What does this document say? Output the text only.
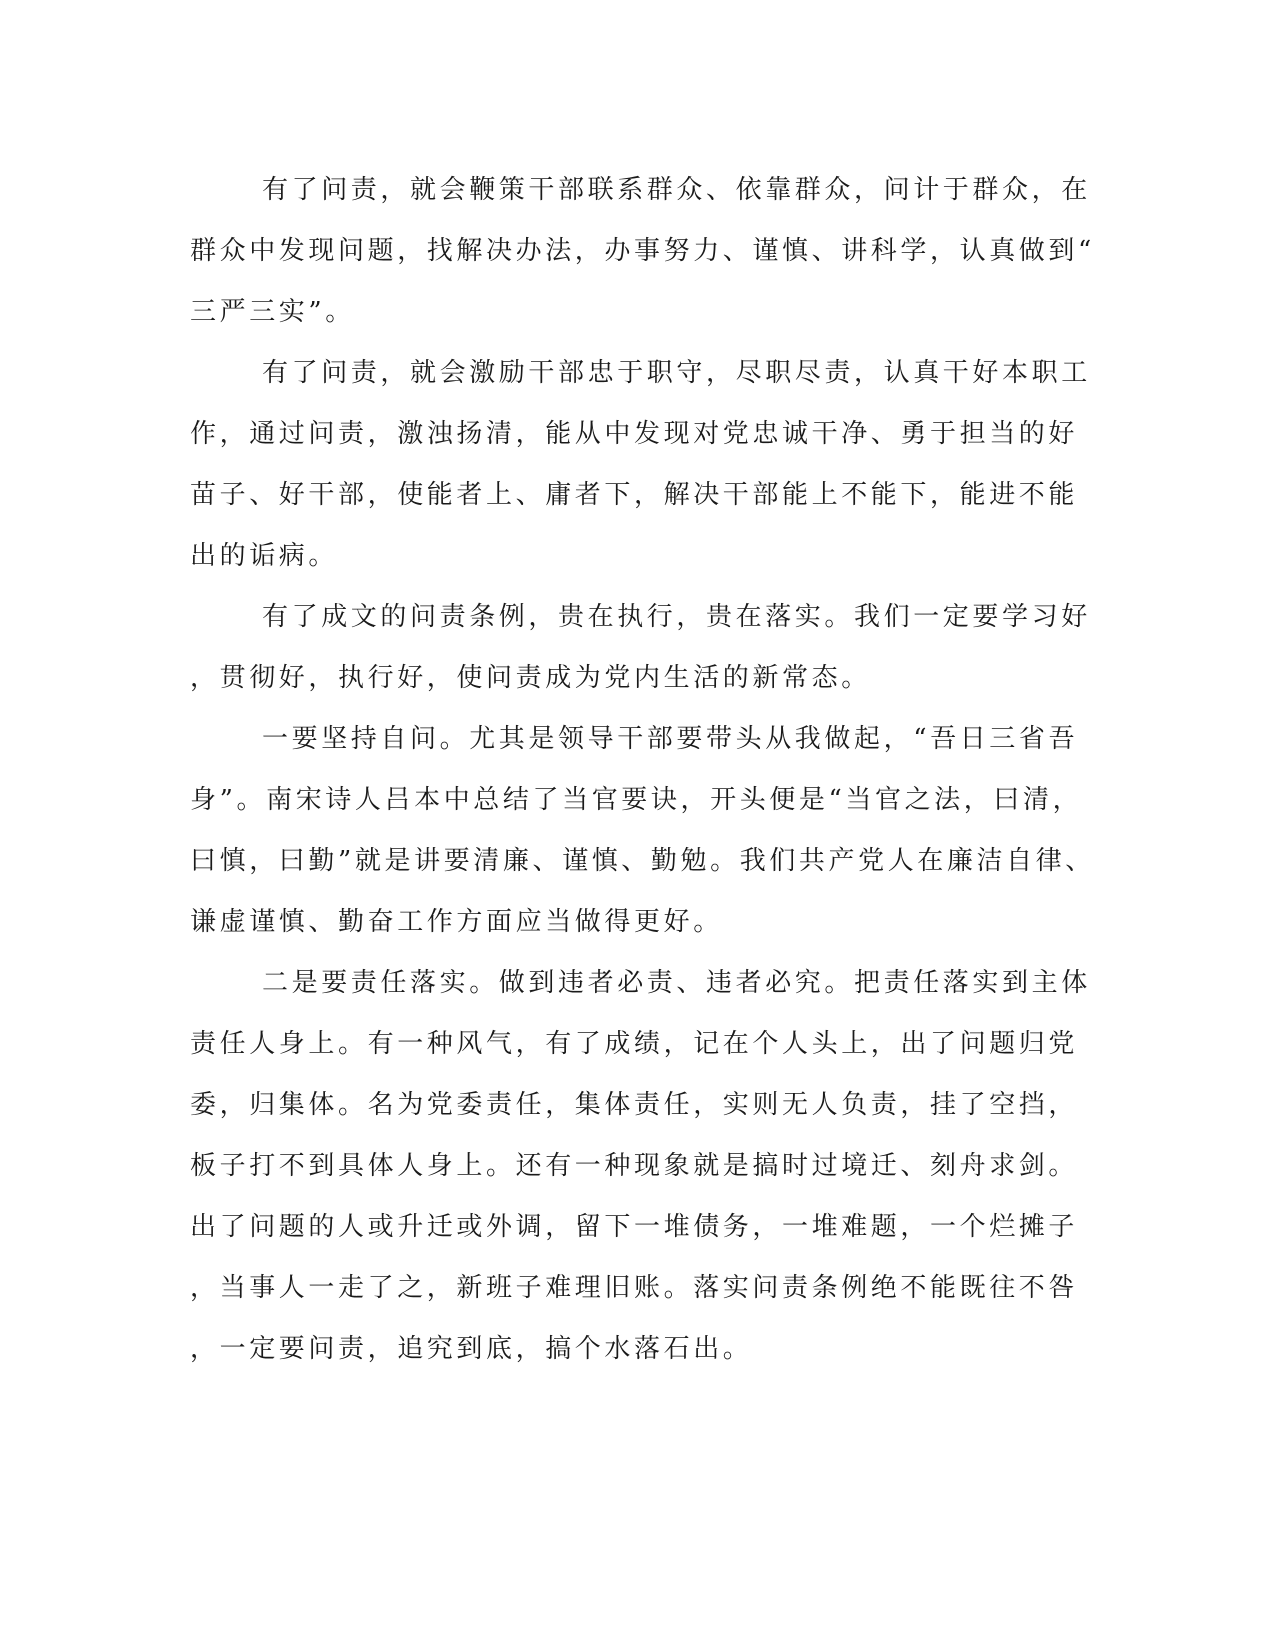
有了问责，就会鞭策干部联系群众、依靠群众，问计于群众，在
群众中发现问题，找解决办法，办事努力、谨慎、讲科学，认真做到“
三严三实”。
有了问责，就会激励干部忠于职守，尽职尽责，认真干好本职工
作，通过问责，激浊扬清，能从中发现对党忠诚干净、勇于担当的好
苗子、好干部，使能者上、庸者下，解决干部能上不能下，能进不能
出的诟病。
有了成文的问责条例，贵在执行，贵在落实。我们一定要学习好
，贯彻好，执行好，使问责成为党内生活的新常态。
一要坚持自问。尤其是领导干部要带头从我做起，“吾日三省吾
身”。南宋诗人吕本中总结了当官要诀，开头便是“当官之法，曰清，
曰慎，曰勤”就是讲要清廉、谨慎、勤勉。我们共产党人在廉洁自律、
谦虚谨慎、勤奋工作方面应当做得更好。
二是要责任落实。做到违者必责、违者必究。把责任落实到主体
责任人身上。有一种风气，有了成绩，记在个人头上，出了问题归党
委，归集体。名为党委责任，集体责任，实则无人负责，挂了空挡，
板子打不到具体人身上。还有一种现象就是搞时过境迁、刻舟求剑。
出了问题的人或升迁或外调，留下一堆债务，一堆难题，一个烂摊子
，当事人一走了之，新班子难理旧账。落实问责条例绝不能既往不咎
，一定要问责，追究到底，搞个水落石出。
